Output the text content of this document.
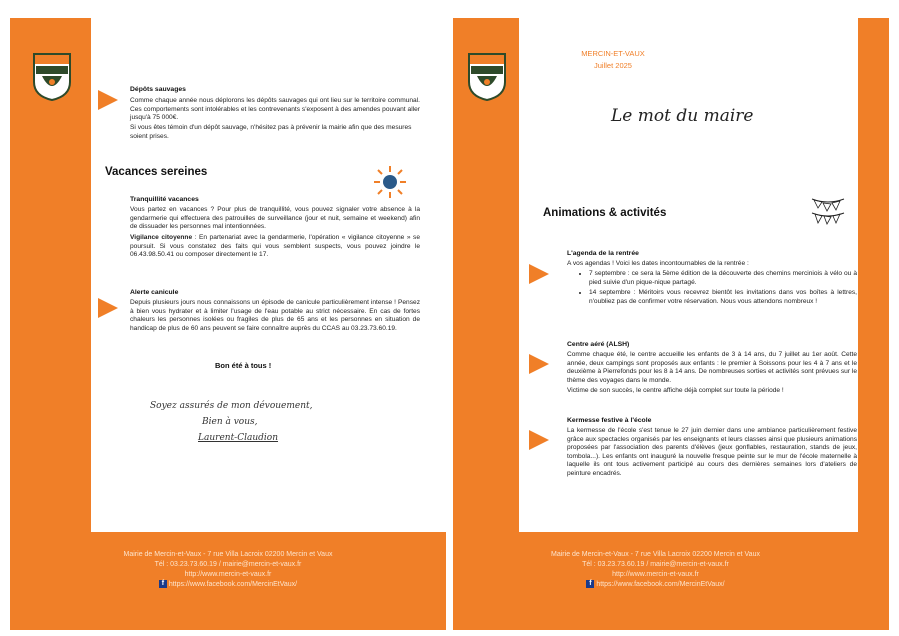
Dépôts sauvages
Comme chaque année nous déplorons les dépôts sauvages qui ont lieu sur le territoire communal. Ces comportements sont intolérables et les contrevenants s'exposent à des amendes pouvant aller jusqu'à 75 000€.
Si vous êtes témoin d'un dépôt sauvage, n'hésitez pas à prévenir la mairie afin que des mesures soient prises.
Vacances sereines
Tranquillité vacances
Vous partez en vacances ? Pour plus de tranquillité, vous pouvez signaler votre absence à la gendarmerie qui effectuera des patrouilles de surveillance (jour et nuit, semaine et weekend) afin de dissuader les personnes mal intentionnées.
Vigilance citoyenne : En partenariat avec la gendarmerie, l'opération « vigilance citoyenne » se poursuit. Si vous constatez des faits qui vous semblent suspects, vous pouvez joindre le 06.43.98.50.41 ou composer directement le 17.
Alerte canicule
Depuis plusieurs jours nous connaissons un épisode de canicule particulièrement intense ! Pensez à bien vous hydrater et à limiter l'usage de l'eau potable au strict nécessaire. En cas de fortes chaleurs les personnes isolées ou fragiles de plus de 65 ans et les personnes en situation de handicap de plus de 60 ans peuvent se faire connaître auprès du CCAS au 03.23.73.60.19.
Bon été à tous !
Soyez assurés de mon dévouement,
Bien à vous,
Laurent-Claudion
Mairie de Mercin-et-Vaux - 7 rue Villa Lacroix 02200 Mercin et Vaux
Tél : 03.23.73.60.19 / mairie@mercin-et-vaux.fr
http://www.mercin-et-vaux.fr
f https://www.facebook.com/MercinEtVaux/
MERCIN-ET-VAUX
Juillet 2025
Le mot du maire
Animations & activités
L'agenda de la rentrée
A vos agendas ! Voici les dates incontournables de la rentrée :
• 7 septembre : ce sera la 5ème édition de la découverte des chemins merciniois à vélo ou à pied suivie d'un pique-nique partagé.
• 14 septembre : Méritoirs vous recevrez bientôt les invitations dans vos boîtes à lettres, n'oubliez pas de confirmer votre réservation. Nous vous attendons nombreux !
Centre aéré (ALSH)
Comme chaque été, le centre accueille les enfants de 3 à 14 ans, du 7 juillet au 1er août. Cette année, deux campings sont proposés aux enfants : le premier à Soissons pour les 4 à 7 ans et le deuxième à Pierrefonds pour les 8 à 14 ans. De nombreuses sorties et activités sont prévues sur le thème des voyages dans le monde.
Victime de son succès, le centre affiche déjà complet sur toute la période !
Kermesse festive à l'école
La kermesse de l'école s'est tenue le 27 juin dernier dans une ambiance particulièrement festive grâce aux spectacles organisés par les enseignants et leurs classes ainsi que plusieurs animations proposées par l'association des parents d'élèves (jeux gonflables, restauration, stands de jeux, tombola...). Les enfants ont inauguré la nouvelle fresque peinte sur le mur de l'école maternelle à laquelle ils ont tous activement participé au cours des dernières semaines lors d'ateliers de peinture encadrés.
Mairie de Mercin-et-Vaux - 7 rue Villa Lacroix 02200 Mercin et Vaux
Tél : 03.23.73.60.19 / mairie@mercin-et-vaux.fr
http://www.mercin-et-vaux.fr
f https://www.facebook.com/MercinEtVaux/
